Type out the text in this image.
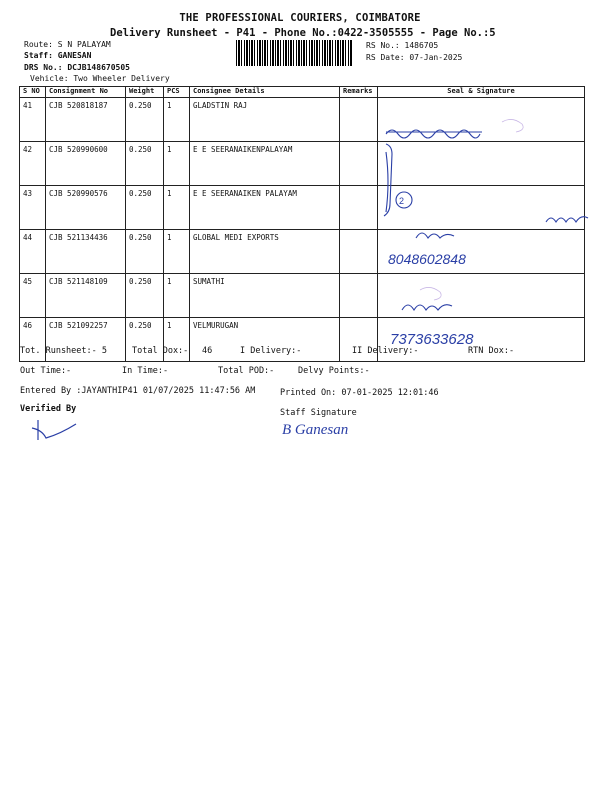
THE PROFESSIONAL COURIERS, COIMBATORE
Delivery Runsheet - P41 - Phone No.:0422-3505555 - Page No.:5
Route: S N PALAYAM
Staff: GANESAN
DRS No.: DCJB148670505
Vehicle: Two Wheeler Delivery
RS No.: 1486705
RS Date: 07-Jan-2025
S NO	Consignment No	Weight	PCS	Consignee Details	Remarks	Seal & Signature
41	CJB 520818187	0.250	1	GLADSTIN RAJ		
42	CJB 520990600	0.250	1	E E SEERANAIKENPALAYAM		
43	CJB 520990576	0.250	1	E E SEERANAIKEN PALAYAM		
44	CJB 521134436	0.250	1	GLOBAL MEDI EXPORTS		
45	CJB 521148109	0.250	1	SUMATHI		
46	CJB 521092257	0.250	1	VELMURUGAN		
2
8048602848
7373633628
Tot. Runsheet:- 5	Total Dox:- 46	I Delivery:-	II Delivery:-	RTN Dox:-
Out Time:-	In Time:-	Total POD:-	Delvy Points:-
Entered By :JAYANTHIP41 01/07/2025 11:47:56 AM	Printed On: 07-01-2025 12:01:46
Verified By	Staff Signature
B Ganesan
